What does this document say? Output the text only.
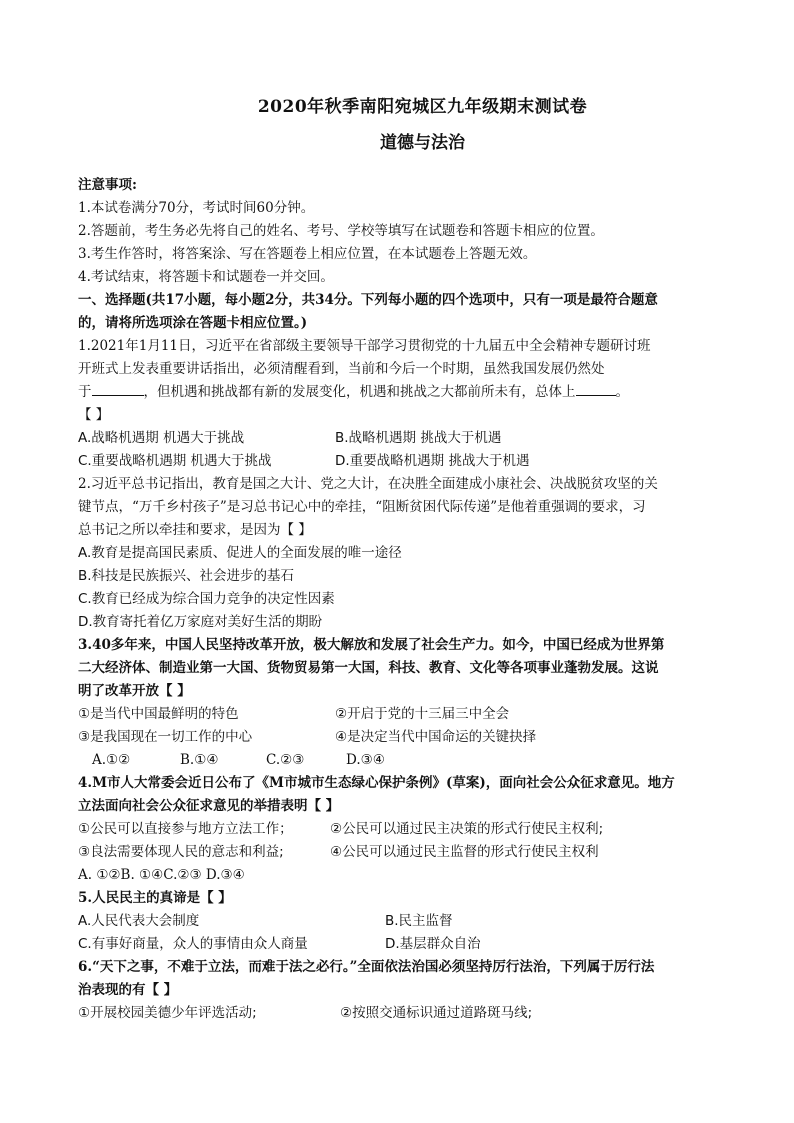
2020年秋季南阳宛城区九年级期末测试卷
道德与法治
注意事项:
1.本试卷满分70分，考试时间60分钟。
2.答题前，考生务必先将自己的姓名、考号、学校等填写在试题卷和答题卡相应的位置。
3.考生作答时，将答案涂、写在答题卷上相应位置，在本试题卷上答题无效。
4.考试结束，将答题卡和试题卷一并交回。
一、选择题(共17小题，每小题2分，共34分。下列每小题的四个选项中，只有一项是最符合题意
的，请将所选项涂在答题卡相应位置。)
1.2021年1月11日，习近平在省部级主要领导干部学习贯彻党的十九届五中全会精神专题研讨班
开班式上发表重要讲话指出，必须清醒看到，当前和今后一个时期，虽然我国发展仍然处
于	，但机遇和挑战都有新的发展变化，机遇和挑战之大都前所未有，总体上	。
【 】
A.战略机遇期 机遇大于挑战	B.战略机遇期 挑战大于机遇
C.重要战略机遇期 机遇大于挑战	D.重要战略机遇期 挑战大于机遇
2.习近平总书记指出，教育是国之大计、党之大计，在决胜全面建成小康社会、决战脱贫攻坚的关
键节点，“万千乡村孩子”是习总书记心中的牵挂，“阻断贫困代际传递”是他着重强调的要求，习
总书记之所以牵挂和要求，是因为【 】
A.教育是提高国民素质、促进人的全面发展的唯一途径
B.科技是民族振兴、社会进步的基石
C.教育已经成为综合国力竞争的决定性因素
D.教育寄托着亿万家庭对美好生活的期盼
3.40多年来，中国人民坚持改革开放，极大解放和发展了社会生产力。如今，中国已经成为世界第
二大经济体、制造业第一大国、货物贸易第一大国，科技、教育、文化等各项事业蓬勃发展。这说
明了改革开放【 】
①是当代中国最鲜明的特色	②开启于党的十三届三中全会
③是我国现在一切工作的中心	④是决定当代中国命运的关键抉择
A.①②	B.①④	C.②③	D.③④
4.M市人大常委会近日公布了《M市城市生态绿心保护条例》(草案)，面向社会公众征求意见。地方
立法面向社会公众征求意见的举措表明【 】
①公民可以直接参与地方立法工作；	②公民可以通过民主决策的形式行使民主权利;
③良法需要体现人民的意志和利益;	④公民可以通过民主监督的形式行使民主权利
A. ①②B. ①④C.②③ D.③④
5.人民民主的真谛是【 】
A.人民代表大会制度	B.民主监督
C.有事好商量，众人的事情由众人商量	D.基层群众自治
6.“天下之事，不难于立法，而难于法之必行。”全面依法治国必须坚持厉行法治，下列属于厉行法
治表现的有【 】
①开展校园美德少年评选活动;	②按照交通标识通过道路斑马线;
